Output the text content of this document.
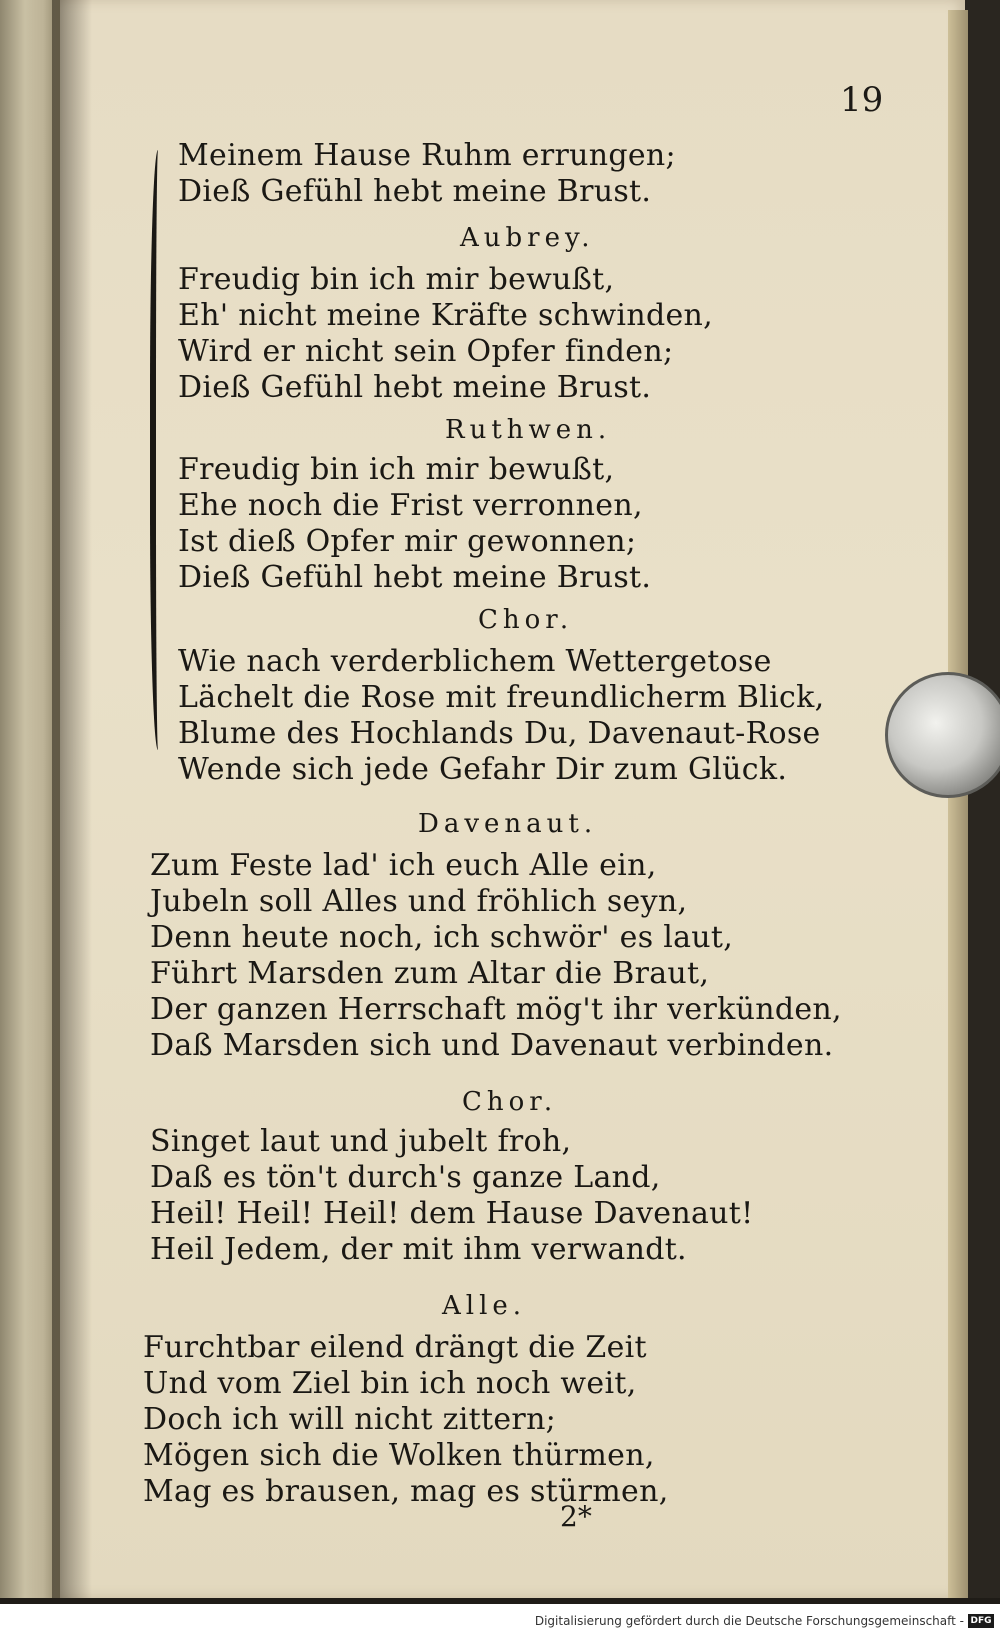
19
Meinem Hause Ruhm errungen;
Dieß Gefühl hebt meine Brust.
Aubrey.
Freudig bin ich mir bewußt,
Eh' nicht meine Kräfte schwinden,
Wird er nicht sein Opfer finden;
Dieß Gefühl hebt meine Brust.
Ruthwen.
Freudig bin ich mir bewußt,
Ehe noch die Frist verronnen,
Ist dieß Opfer mir gewonnen;
Dieß Gefühl hebt meine Brust.
Chor.
Wie nach verderblichem Wettergetose
Lächelt die Rose mit freundlicherm Blick,
Blume des Hochlands Du, Davenaut-Rose
Wende sich jede Gefahr Dir zum Glück.
Davenaut.
Zum Feste lad' ich euch Alle ein,
Jubeln soll Alles und fröhlich seyn,
Denn heute noch, ich schwör' es laut,
Führt Marsden zum Altar die Braut,
Der ganzen Herrschaft mög't ihr verkünden,
Daß Marsden sich und Davenaut verbinden.
Chor.
Singet laut und jubelt froh,
Daß es tön't durch's ganze Land,
Heil! Heil! Heil! dem Hause Davenaut!
Heil Jedem, der mit ihm verwandt.
Alle.
Furchtbar eilend drängt die Zeit
Und vom Ziel bin ich noch weit,
Doch ich will nicht zittern;
Mögen sich die Wolken thürmen,
Mag es brausen, mag es stürmen,
2*
Digitalisierung gefördert durch die Deutsche Forschungsgemeinschaft - DFG
